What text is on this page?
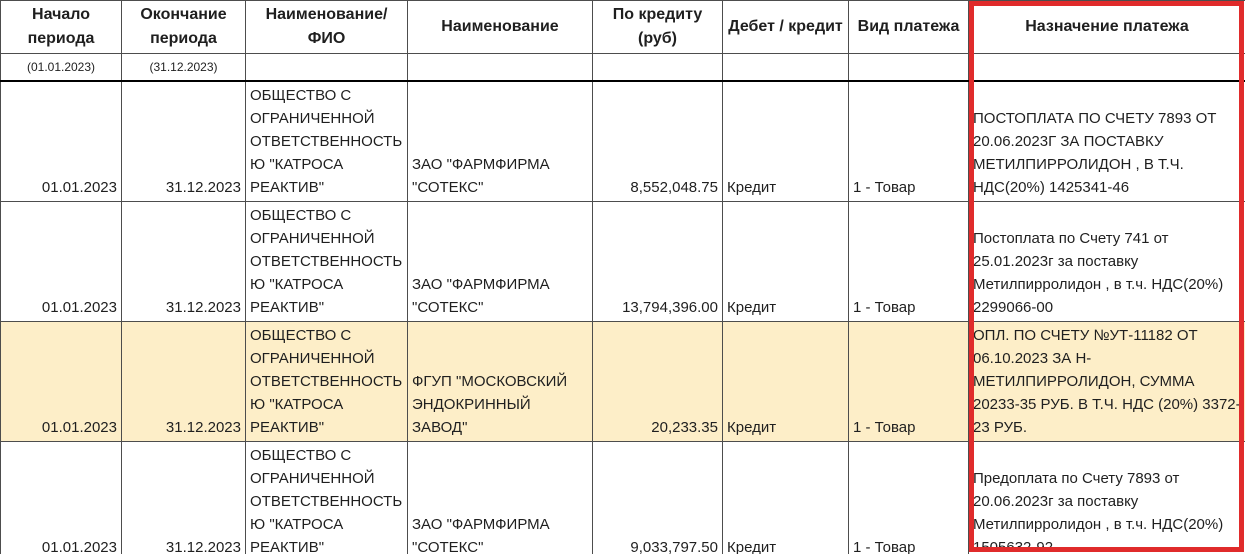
Начало периода	Окончание периода	Наименование/ФИО	Наименование	По кредиту (руб)	Дебет / кредит	Вид платежа	Назначение платежа
(01.01.2023)	(31.12.2023)						
01.01.2023	31.12.2023	ОБЩЕСТВО С ОГРАНИЧЕННОЙ ОТВЕТСТВЕННОСТЬЮ "КАТРОСА РЕАКТИВ"	ЗАО "ФАРМФИРМА "СОТЕКС"	8,552,048.75	Кредит	1 - Товар	ПОСТОПЛАТА ПО СЧЕТУ 7893 ОТ 20.06.2023Г ЗА ПОСТАВКУ МЕТИЛПИРРОЛИДОН , В Т.Ч. НДС(20%) 1425341-46
01.01.2023	31.12.2023	ОБЩЕСТВО С ОГРАНИЧЕННОЙ ОТВЕТСТВЕННОСТЬЮ "КАТРОСА РЕАКТИВ"	ЗАО "ФАРМФИРМА "СОТЕКС"	13,794,396.00	Кредит	1 - Товар	Постоплата по Счету 741 от 25.01.2023г за поставку Метилпирролидон , в т.ч. НДС(20%) 2299066-00
01.01.2023	31.12.2023	ОБЩЕСТВО С ОГРАНИЧЕННОЙ ОТВЕТСТВЕННОСТЬЮ "КАТРОСА РЕАКТИВ"	ФГУП "МОСКОВСКИЙ ЭНДОКРИННЫЙ ЗАВОД"	20,233.35	Кредит	1 - Товар	ОПЛ. ПО СЧЕТУ №УТ-11182 ОТ 06.10.2023 ЗА Н-МЕТИЛПИРРОЛИДОН, СУММА 20233-35 РУБ. В Т.Ч. НДС (20%) 3372-23 РУБ.
01.01.2023	31.12.2023	ОБЩЕСТВО С ОГРАНИЧЕННОЙ ОТВЕТСТВЕННОСТЬЮ "КАТРОСА РЕАКТИВ"	ЗАО "ФАРМФИРМА "СОТЕКС"	9,033,797.50	Кредит	1 - Товар	Предоплата по Счету 7893 от 20.06.2023г за поставку Метилпирролидон , в т.ч. НДС(20%) 1505632-92
